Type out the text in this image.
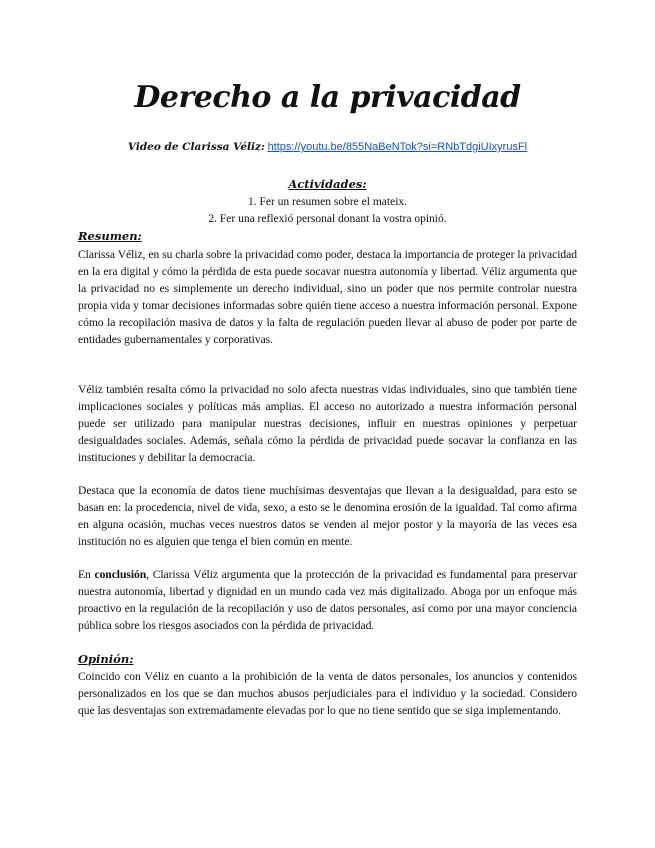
Derecho a la privacidad
Video de Clarissa Véliz: https://youtu.be/855NaBeNTok?si=RNbTdgiUIxyrusFl
Actividades:
1. Fer un resumen sobre el mateix.
2. Fer una reflexió personal donant la vostra opinió.
Resumen:
Clarissa Véliz, en su charla sobre la privacidad como poder, destaca la importancia de proteger la privacidad en la era digital y cómo la pérdida de esta puede socavar nuestra autonomía y libertad. Véliz argumenta que la privacidad no es simplemente un derecho individual, sino un poder que nos permite controlar nuestra propia vida y tomar decisiones informadas sobre quién tiene acceso a nuestra información personal. Expone cómo la recopilación masiva de datos y la falta de regulación pueden llevar al abuso de poder por parte de entidades gubernamentales y corporativas.
Véliz también resalta cómo la privacidad no solo afecta nuestras vidas individuales, sino que también tiene implicaciones sociales y políticas más amplias. El acceso no autorizado a nuestra información personal puede ser utilizado para manipular nuestras decisiones, influir en nuestras opiniones y perpetuar desigualdades sociales. Además, señala cómo la pérdida de privacidad puede socavar la confianza en las instituciones y debilitar la democracia.
Destaca que la economía de datos tiene muchísimas desventajas que llevan a la desigualdad, para esto se basan en: la procedencia, nivel de vida, sexo, a esto se le denomina erosión de la igualdad. Tal como afirma en alguna ocasión, muchas veces nuestros datos se venden al mejor postor y la mayoría de las veces esa institución no es alguien que tenga el bien común en mente.
En conclusión, Clarissa Véliz argumenta que la protección de la privacidad es fundamental para preservar nuestra autonomía, libertad y dignidad en un mundo cada vez más digitalizado. Aboga por un enfoque más proactivo en la regulación de la recopilación y uso de datos personales, así como por una mayor conciencia pública sobre los riesgos asociados con la pérdida de privacidad.
Opinión:
Coincido con Véliz en cuanto a la prohibición de la venta de datos personales, los anuncios y contenidos personalizados en los que se dan muchos abusos perjudiciales para el individuo y la sociedad. Considero que las desventajas son extremadamente elevadas por lo que no tiene sentido que se siga implementando.
